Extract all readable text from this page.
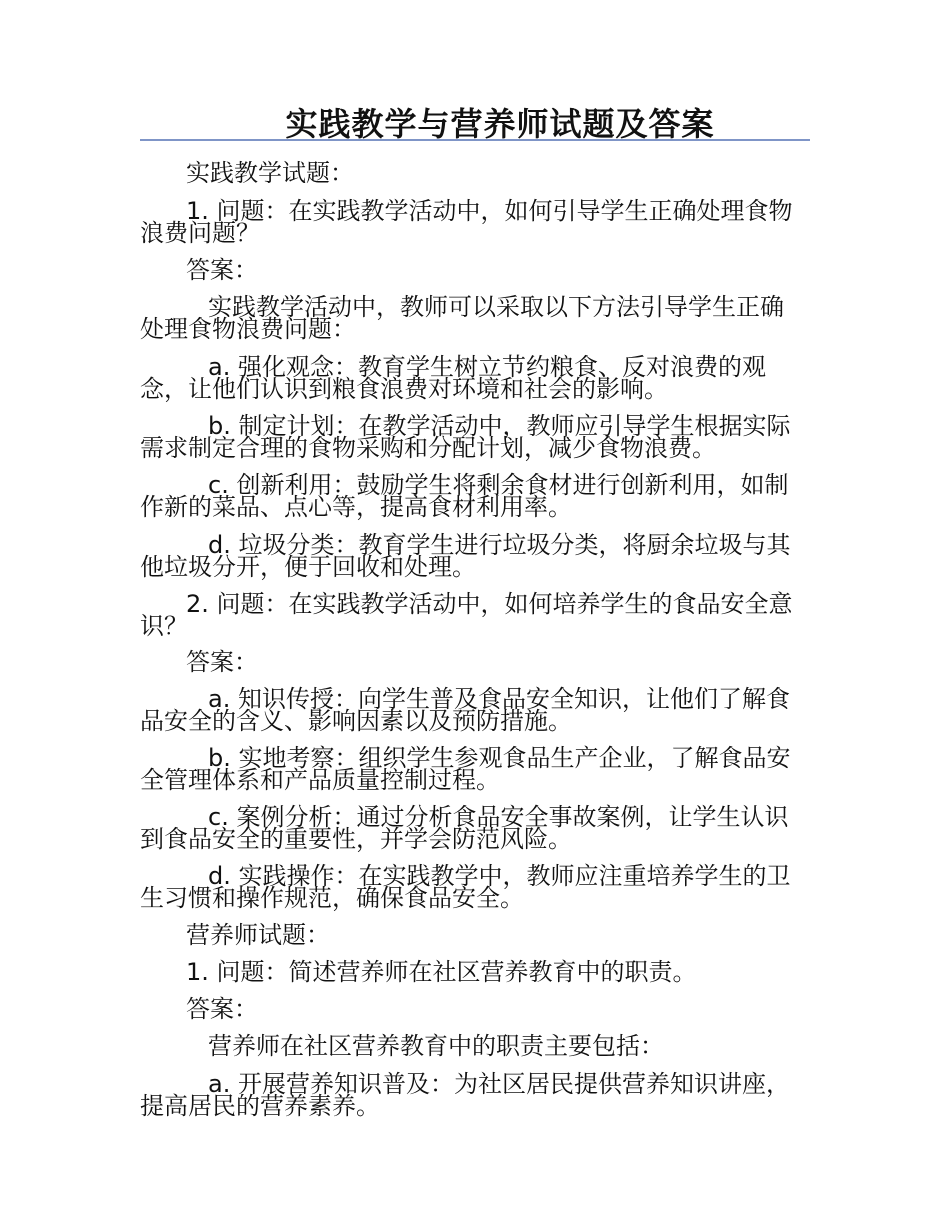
实践教学与营养师试题及答案
实践教学试题：
1. 问题：在实践教学活动中，如何引导学生正确处理食物
浪费问题？
答案：
实践教学活动中，教师可以采取以下方法引导学生正确
处理食物浪费问题：
a. 强化观念：教育学生树立节约粮食、反对浪费的观
念，让他们认识到粮食浪费对环境和社会的影响。
b. 制定计划：在教学活动中，教师应引导学生根据实际
需求制定合理的食物采购和分配计划，减少食物浪费。
c. 创新利用：鼓励学生将剩余食材进行创新利用，如制
作新的菜品、点心等，提高食材利用率。
d. 垃圾分类：教育学生进行垃圾分类，将厨余垃圾与其
他垃圾分开，便于回收和处理。
2. 问题：在实践教学活动中，如何培养学生的食品安全意
识？
答案：
a. 知识传授：向学生普及食品安全知识，让他们了解食
品安全的含义、影响因素以及预防措施。
b. 实地考察：组织学生参观食品生产企业，了解食品安
全管理体系和产品质量控制过程。
c. 案例分析：通过分析食品安全事故案例，让学生认识
到食品安全的重要性，并学会防范风险。
d. 实践操作：在实践教学中，教师应注重培养学生的卫
生习惯和操作规范，确保食品安全。
营养师试题：
1. 问题：简述营养师在社区营养教育中的职责。
答案：
营养师在社区营养教育中的职责主要包括：
a. 开展营养知识普及：为社区居民提供营养知识讲座，
提高居民的营养素养。
